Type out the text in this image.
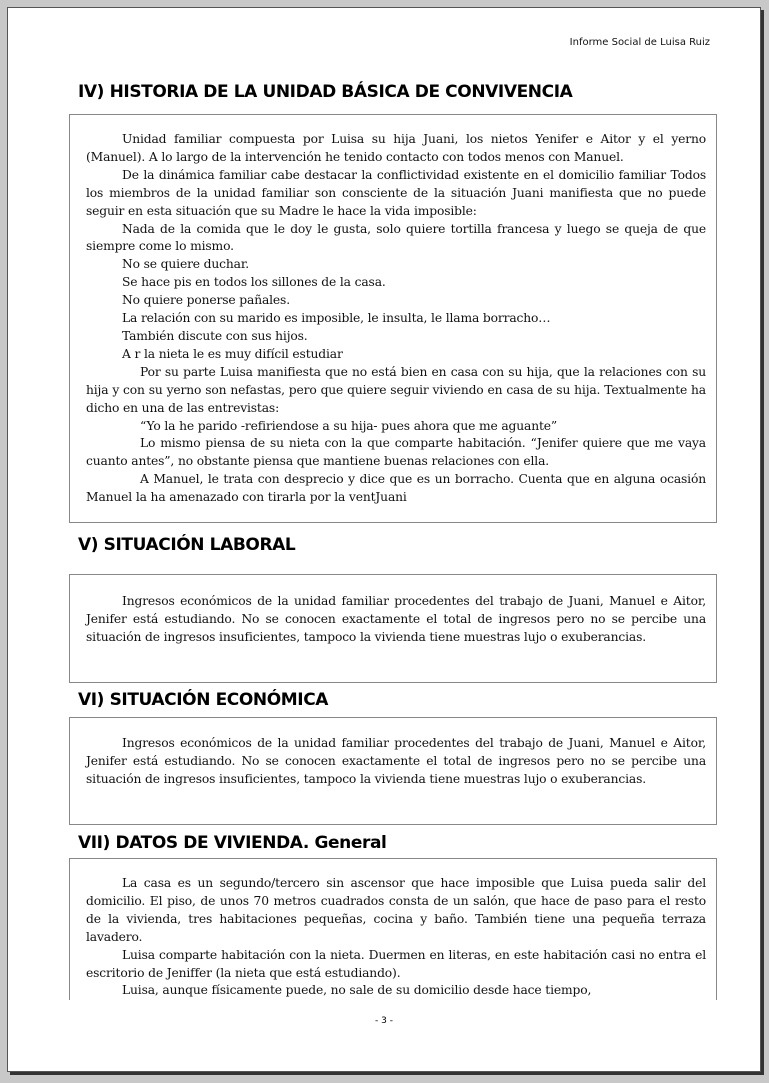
Informe Social de Luisa Ruiz
IV) HISTORIA DE LA UNIDAD BÁSICA DE CONVIVENCIA

Unidad familiar compuesta por Luisa su hija Juani, los nietos Yenifer e Aitor y el yerno (Manuel). A lo largo de la intervención he tenido contacto con todos menos con Manuel.

De la dinámica familiar cabe destacar la conflictividad existente en el domicilio familiar Todos los miembros de la unidad familiar son consciente de la situación Juani manifiesta que no puede seguir en esta situación que su Madre le hace la vida imposible:

Nada de la comida que le doy le gusta, solo quiere tortilla francesa y luego se queja de que siempre come lo mismo.

No se quiere duchar.

Se hace pis en todos los sillones de la casa.

No quiere ponerse pañales.

La relación con su marido es imposible, le insulta, le llama borracho…

También discute con sus hijos.

A r la nieta le es muy difícil estudiar

Por su parte Luisa manifiesta que no está bien en casa con su hija, que la relaciones con su hija y con su yerno son nefastas, pero que quiere seguir viviendo en casa de su hija. Textualmente ha dicho en una de las entrevistas:

“Yo la he parido -refiriendose a su hija- pues ahora que me aguante”

Lo mismo piensa de su nieta con la que comparte habitación. “Jenifer quiere que me vaya cuanto antes”, no obstante piensa que mantiene buenas relaciones con ella.

A Manuel, le trata con desprecio y dice que es un borracho. Cuenta que en alguna ocasión Manuel la ha amenazado con tirarla por la ventJuani

V) SITUACIÓN LABORAL

Ingresos económicos de la unidad familiar procedentes del trabajo de Juani, Manuel e Aitor, Jenifer está estudiando. No se conocen exactamente el total de ingresos pero no se percibe una situación de ingresos insuficientes, tampoco la vivienda tiene muestras lujo o exuberancias.

VI) SITUACIÓN ECONÓMICA

Ingresos económicos de la unidad familiar procedentes del trabajo de Juani, Manuel e Aitor, Jenifer está estudiando. No se conocen exactamente el total de ingresos pero no se percibe una situación de ingresos insuficientes, tampoco la vivienda tiene muestras lujo o exuberancias.

VII) DATOS DE VIVIENDA. General

La casa es un segundo/tercero sin ascensor que hace imposible que Luisa pueda salir del domicilio. El piso, de unos 70 metros cuadrados consta de un salón, que hace de paso para el resto de la vivienda, tres habitaciones pequeñas, cocina y baño. También tiene una pequeña terraza lavadero.

Luisa comparte habitación con la nieta. Duermen en literas, en este habitación casi no entra el escritorio de Jeniffer (la nieta que está estudiando).

Luisa, aunque físicamente puede, no sale de su domicilio desde hace tiempo,

- 3 -
